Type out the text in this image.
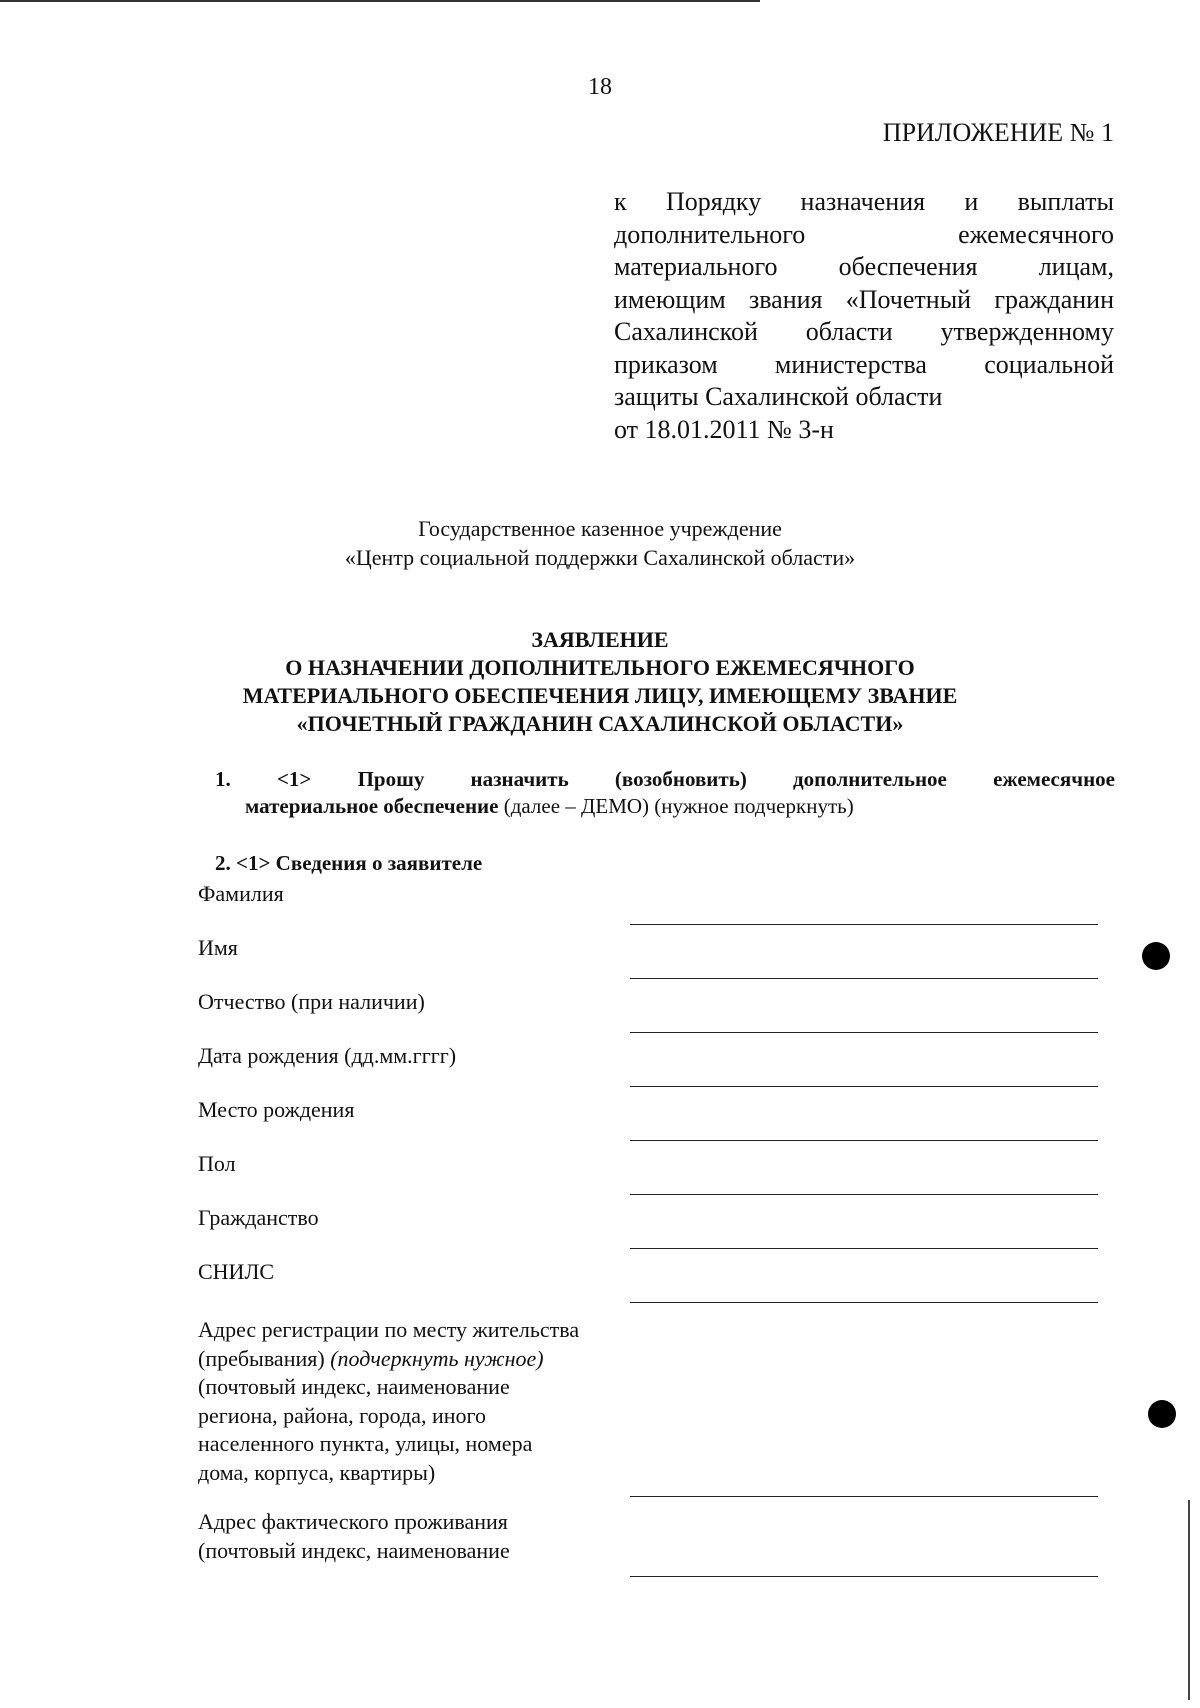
18
ПРИЛОЖЕНИЕ № 1
к Порядку назначения и выплаты
дополнительного ежемесячного
материального обеспечения лицам,
имеющим звания «Почетный гражданин
Сахалинской области утвержденному
приказом министерства социальной
защиты Сахалинской области
от 18.01.2011 № 3-н
Государственное казенное учреждение
«Центр социальной поддержки Сахалинской области»
ЗАЯВЛЕНИЕ
О НАЗНАЧЕНИИ ДОПОЛНИТЕЛЬНОГО ЕЖЕМЕСЯЧНОГО
МАТЕРИАЛЬНОГО ОБЕСПЕЧЕНИЯ ЛИЦУ, ИМЕЮЩЕМУ ЗВАНИЕ
«ПОЧЕТНЫЙ ГРАЖДАНИН САХАЛИНСКОЙ ОБЛАСТИ»
1. <1> Прошу назначить (возобновить) дополнительное ежемесячное
материальное обеспечение (далее – ДЕМО) (нужное подчеркнуть)
2. <1> Сведения о заявителе
Фамилия
Имя
Отчество (при наличии)
Дата рождения (дд.мм.гггг)
Место рождения
Пол
Гражданство
СНИЛС
Адрес регистрации по месту жительства
(пребывания) (подчеркнуть нужное)
(почтовый индекс, наименование
региона, района, города, иного
населенного пункта, улицы, номера
дома, корпуса, квартиры)
Адрес фактического проживания
(почтовый индекс, наименование
